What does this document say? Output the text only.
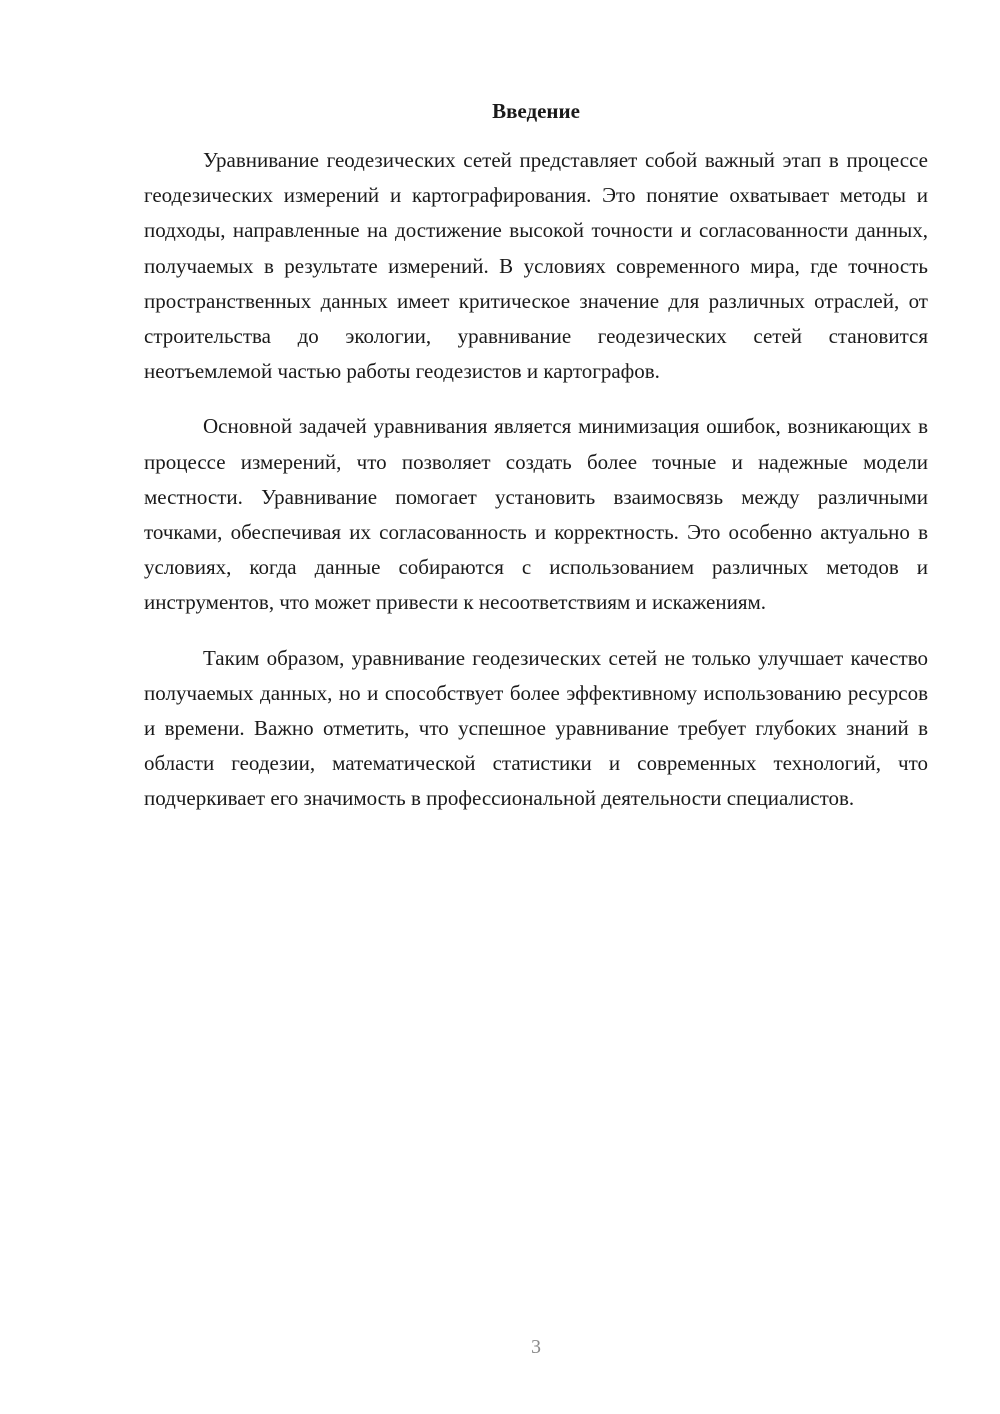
Введение

Уравнивание геодезических сетей представляет собой важный этап в процессе геодезических измерений и картографирования. Это понятие охватывает методы и подходы, направленные на достижение высокой точности и согласованности данных, получаемых в результате измерений. В условиях современного мира, где точность пространственных данных имеет критическое значение для различных отраслей, от строительства до экологии, уравнивание геодезических сетей становится неотъемлемой частью работы геодезистов и картографов.

Основной задачей уравнивания является минимизация ошибок, возникающих в процессе измерений, что позволяет создать более точные и надежные модели местности. Уравнивание помогает установить взаимосвязь между различными точками, обеспечивая их согласованность и корректность. Это особенно актуально в условиях, когда данные собираются с использованием различных методов и инструментов, что может привести к несоответствиям и искажениям.

Таким образом, уравнивание геодезических сетей не только улучшает качество получаемых данных, но и способствует более эффективному использованию ресурсов и времени. Важно отметить, что успешное уравнивание требует глубоких знаний в области геодезии, математической статистики и современных технологий, что подчеркивает его значимость в профессиональной деятельности специалистов.

3
